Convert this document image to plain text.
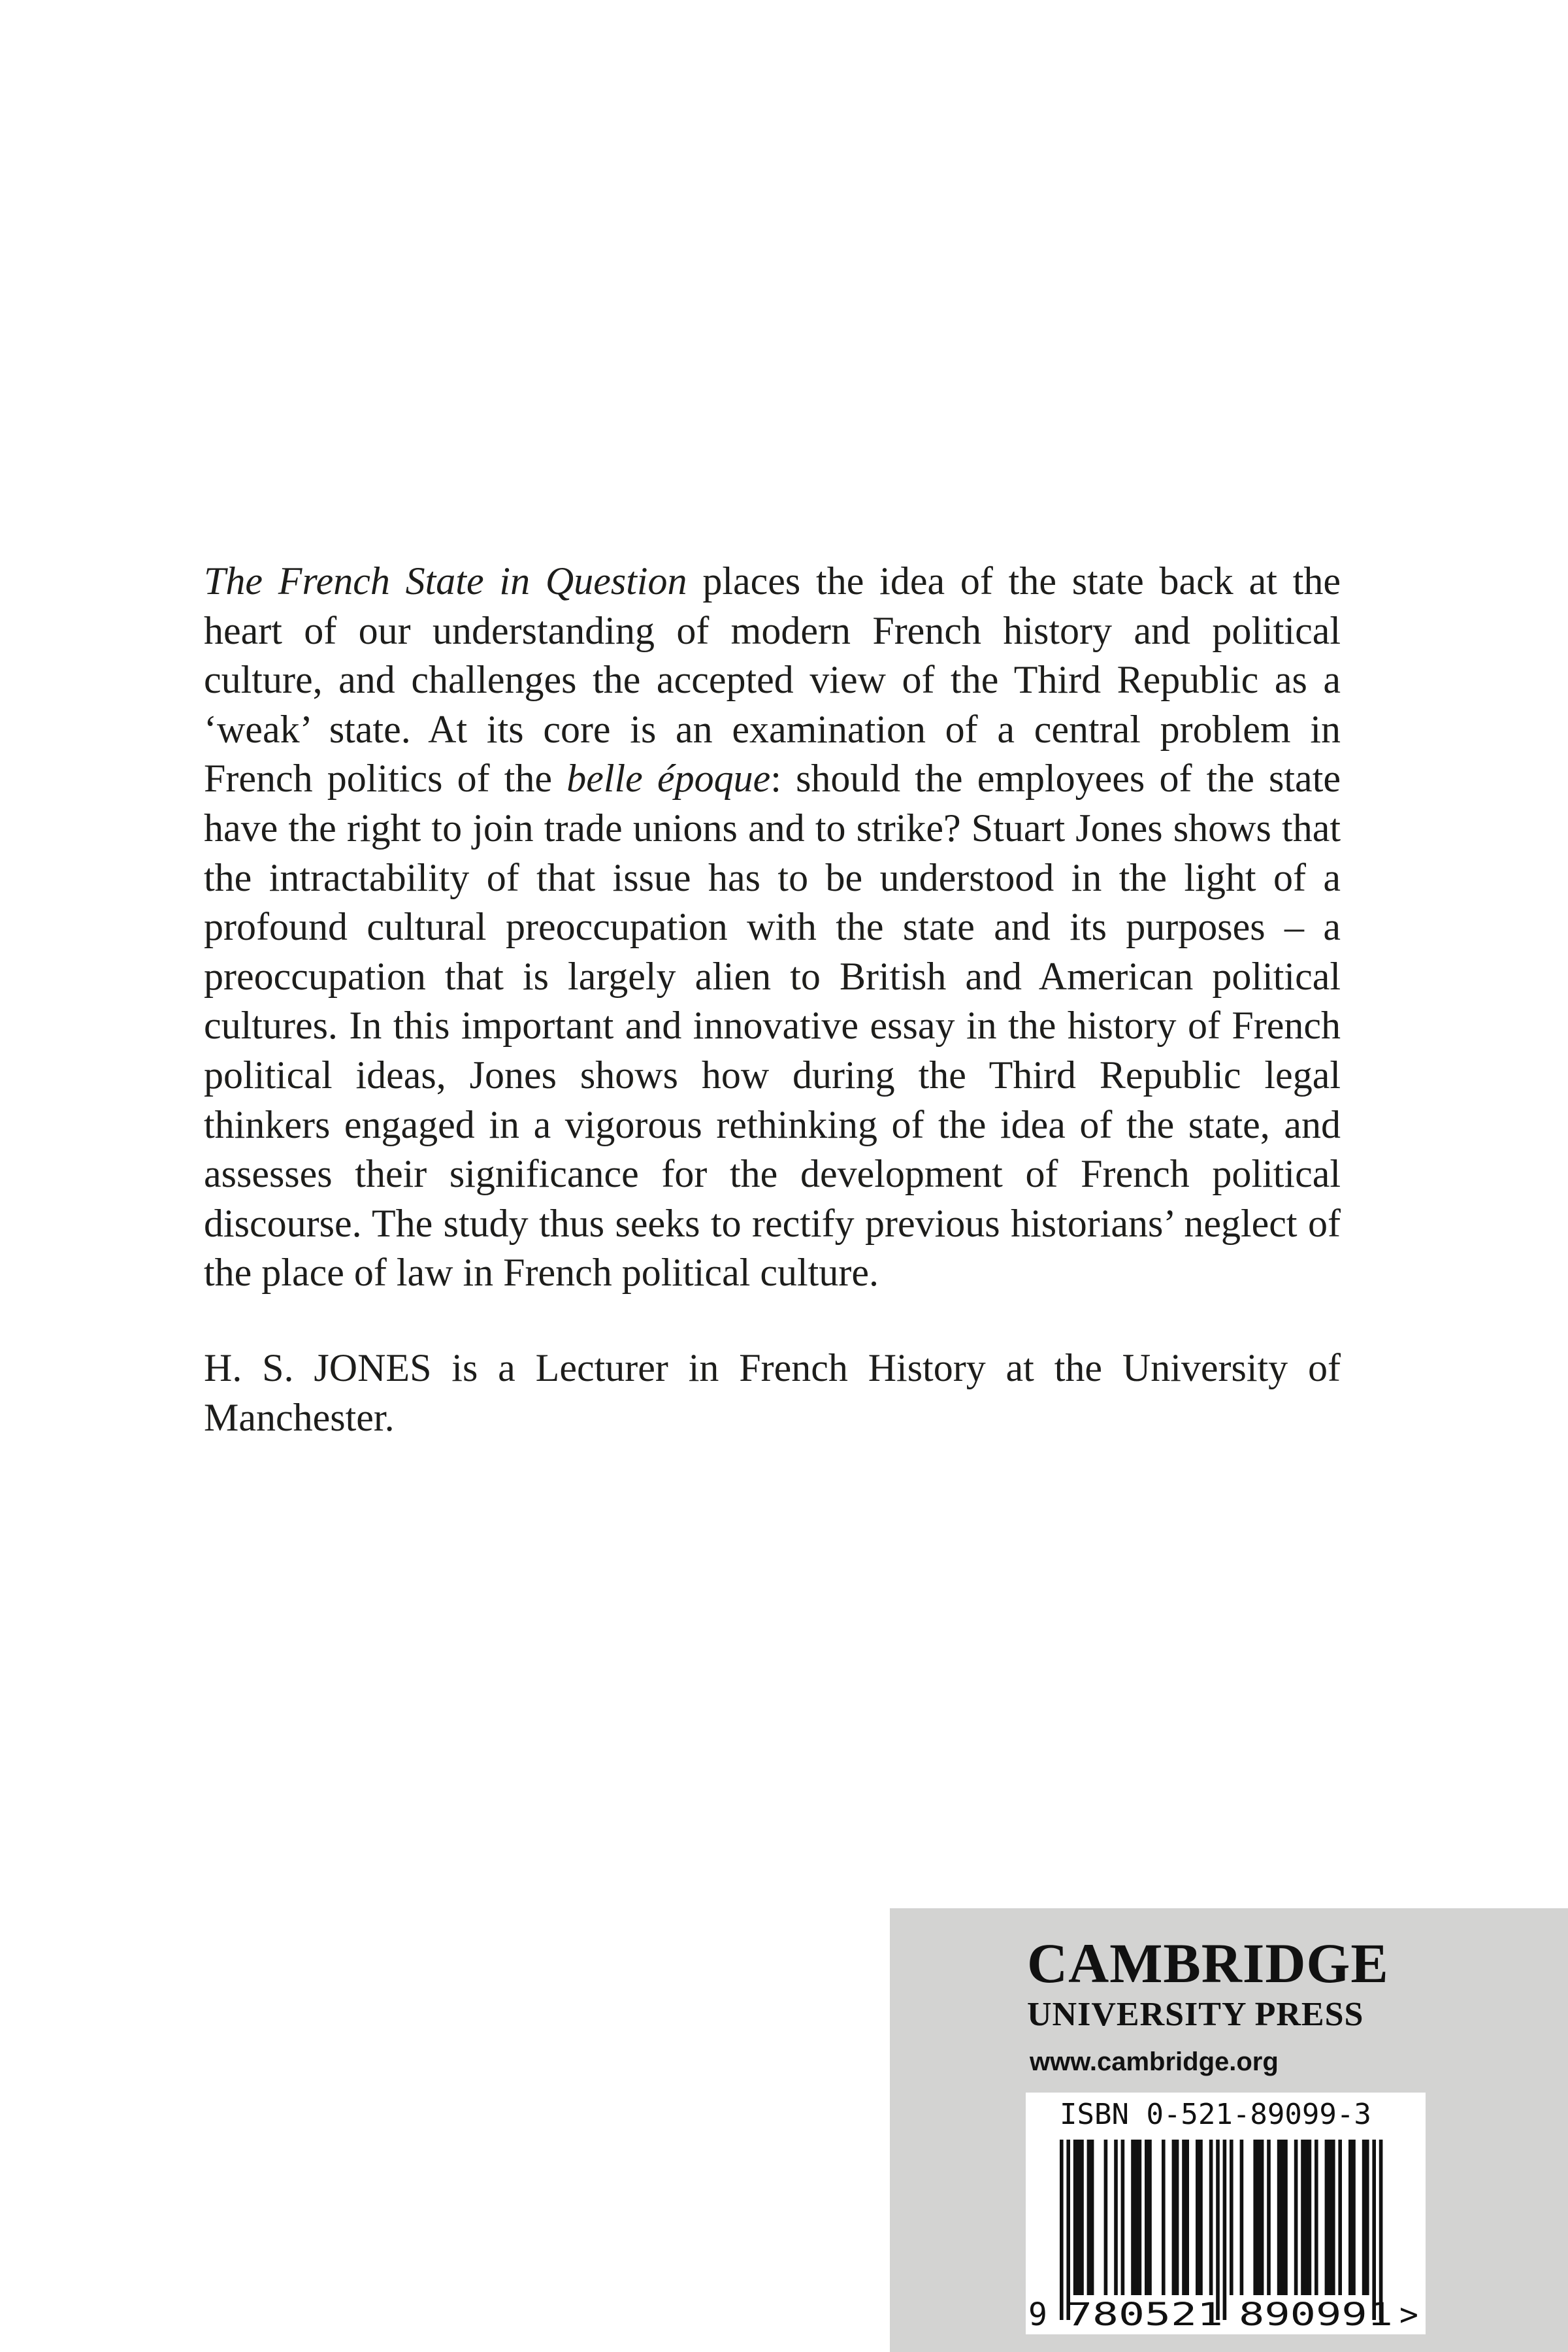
The French State in Question places the idea of the state back at the heart of our understanding of modern French history and political culture, and challenges the accepted view of the Third Republic as a ‘weak’ state. At its core is an examination of a central problem in French politics of the belle époque: should the employees of the state have the right to join trade unions and to strike? Stuart Jones shows that the intractability of that issue has to be understood in the light of a profound cultural preoccupation with the state and its purposes – a preoccupation that is largely alien to British and American political cultures. In this important and innovative essay in the history of French political ideas, Jones shows how during the Third Republic legal thinkers engaged in a vigorous rethinking of the idea of the state, and assesses their significance for the development of French political discourse. The study thus seeks to rectify previous historians’ neglect of the place of law in French political culture.

H. S. JONES is a Lecturer in French History at the University of Manchester.

CAMBRIDGE
UNIVERSITY PRESS
www.cambridge.org
ISBN 0-521-89099-3
9 780521 890991 >
